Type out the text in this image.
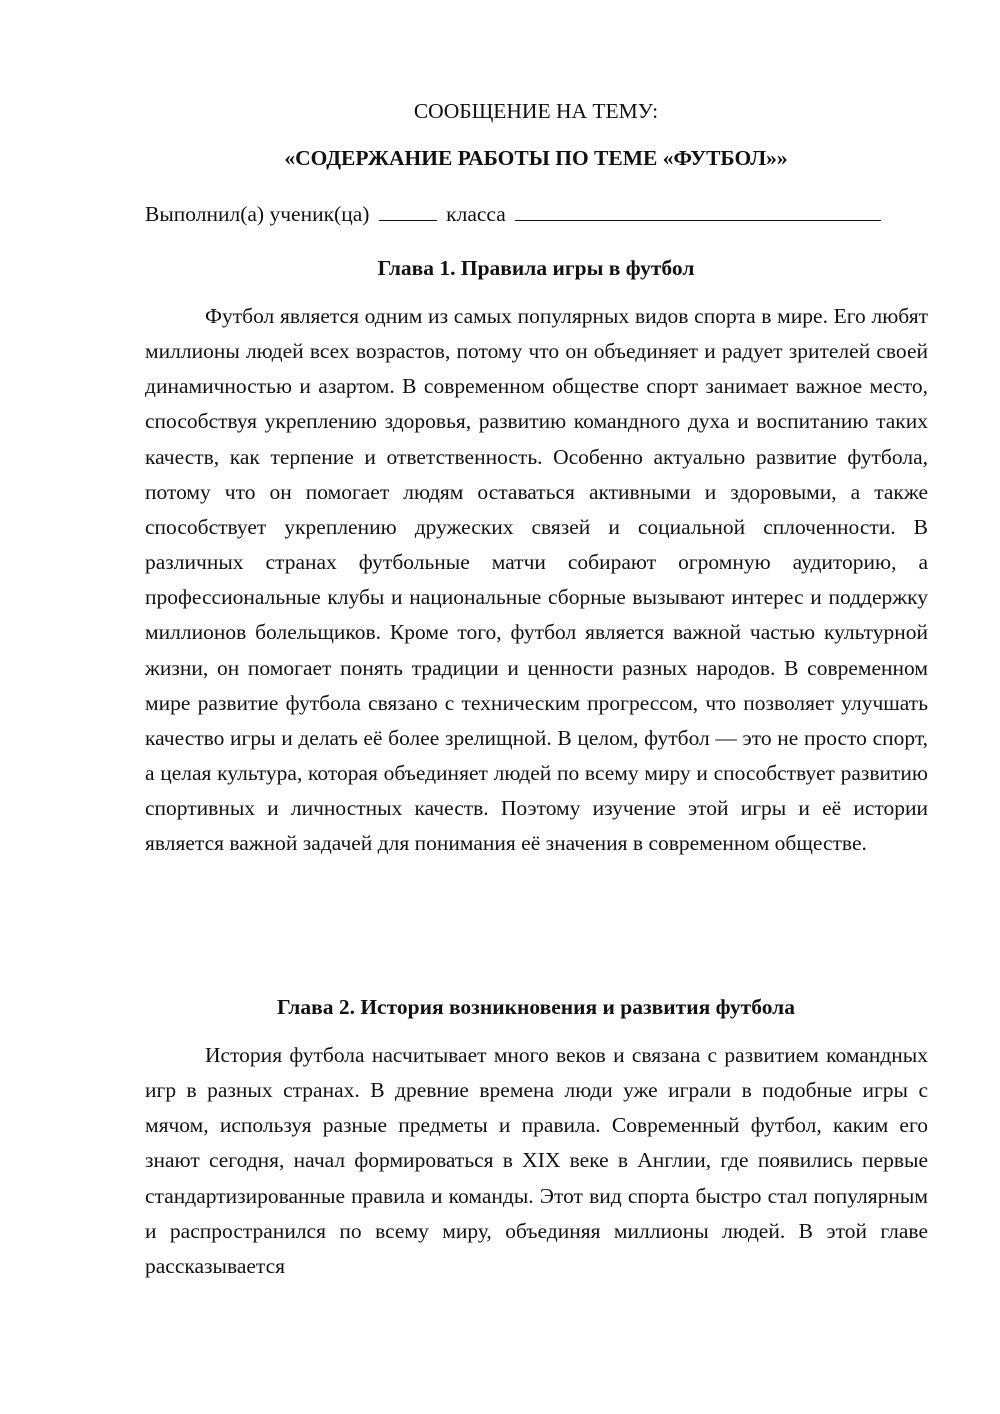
СООБЩЕНИЕ НА ТЕМУ:
«СОДЕРЖАНИЕ РАБОТЫ ПО ТЕМЕ «ФУТБОЛ»»
Выполнил(а) ученик(ца)	класса
Глава 1. Правила игры в футбол

Футбол является одним из самых популярных видов спорта в мире. Его любят миллионы людей всех возрастов, потому что он объединяет и радует зрителей своей динамичностью и азартом. В современном обществе спорт занимает важное место, способствуя укреплению здоровья, развитию командного духа и воспитанию таких качеств, как терпение и ответственность. Особенно актуально развитие футбола, потому что он помогает людям оставаться активными и здоровыми, а также способствует укреплению дружеских связей и социальной сплоченности. В различных странах футбольные матчи собирают огромную аудиторию, а профессиональные клубы и национальные сборные вызывают интерес и поддержку миллионов болельщиков. Кроме того, футбол является важной частью культурной жизни, он помогает понять традиции и ценности разных народов. В современном мире развитие футбола связано с техническим прогрессом, что позволяет улучшать качество игры и делать её более зрелищной. В целом, футбол — это не просто спорт, а целая культура, которая объединяет людей по всему миру и способствует развитию спортивных и личностных качеств. Поэтому изучение этой игры и её истории является важной задачей для понимания её значения в современном обществе.

Глава 2. История возникновения и развития футбола

История футбола насчитывает много веков и связана с развитием командных игр в разных странах. В древние времена люди уже играли в подобные игры с мячом, используя разные предметы и правила. Современный футбол, каким его знают сегодня, начал формироваться в XIX веке в Англии, где появились первые стандартизированные правила и команды. Этот вид спорта быстро стал популярным и распространился по всему миру, объединяя миллионы людей. В этой главе рассказывается
